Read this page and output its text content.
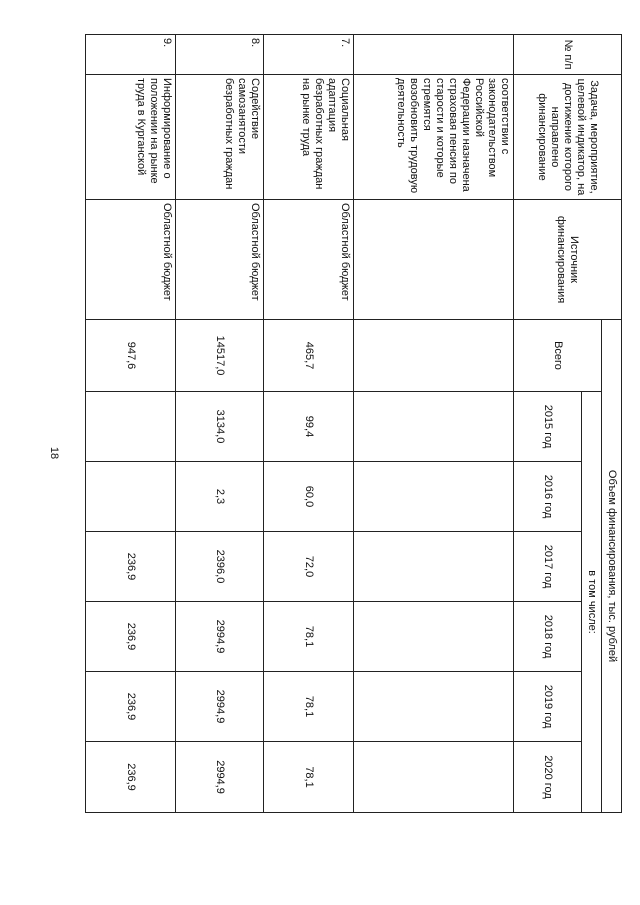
18
№ п/п	Задача, мероприятие, целевой индикатор, на достижение которого направлено финансирование	Источник финансирования	Объем финансирования, тыс. рублей						
			Всего	в том числе:					
				2015 год	2016 год	2017 год	2018 год	2019 год	2020 год
	соответствии с законодательством Российской Федерации назначена страховая пенсия по старости и которые стремятся возобновить трудовую деятельность								
7.	Социальная адаптация безработных граждан на рынке труда	Областной бюджет	465,7	99,4	60,0	72,0	78,1	78,1	78,1
8.	Содействие самозанятости безработных граждан	Областной бюджет	14517,0	3134,0	2,3	2396,0	2994,9	2994,9	2994,9
9.	Информирование о положении на рынке труда в Курганской	Областной бюджет	947,6			236,9	236,9	236,9	236,9
